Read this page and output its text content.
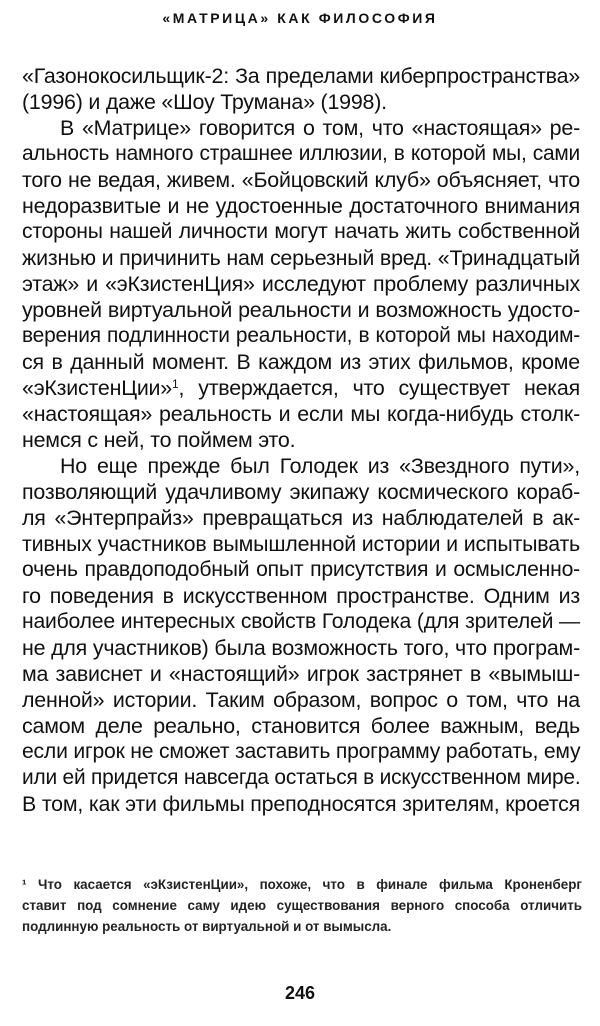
«МАТРИЦА» КАК ФИЛОСОФИЯ
«Газонокосильщик-2: За пределами киберпространства»
(1996) и даже «Шоу Трумана» (1998).
В «Матрице» говорится о том, что «настоящая» ре-
альность намного страшнее иллюзии, в которой мы, сами
того не ведая, живем. «Бойцовский клуб» объясняет, что
недоразвитые и не удостоенные достаточного внимания
стороны нашей личности могут начать жить собственной
жизнью и причинить нам серьезный вред. «Тринадцатый
этаж» и «эКзистенЦия» исследуют проблему различных
уровней виртуальной реальности и возможность удосто-
верения подлинности реальности, в которой мы находим-
ся в данный момент. В каждом из этих фильмов, кроме
«эКзистенЦии»$^1$, утверждается, что существует некая
«настоящая» реальность и если мы когда-нибудь столк-
немся с ней, то поймем это.
Но еще прежде был Голодек из «Звездного пути»,
позволяющий удачливому экипажу космического кораб-
ля «Энтерпрайз» превращаться из наблюдателей в ак-
тивных участников вымышленной истории и испытывать
очень правдоподобный опыт присутствия и осмысленно-
го поведения в искусственном пространстве. Одним из
наиболее интересных свойств Голодека (для зрителей —
не для участников) была возможность того, что програм-
ма зависнет и «настоящий» игрок застрянет в «вымыш-
ленной» истории. Таким образом, вопрос о том, что на
самом деле реально, становится более важным, ведь
если игрок не сможет заставить программу работать, ему
или ей придется навсегда остаться в искусственном мире.
В том, как эти фильмы преподносятся зрителям, кроется
¹ Что касается «эКзистенЦии», похоже, что в финале фильма Кроненберг
ставит под сомнение саму идею существования верного способа отличить
подлинную реальность от виртуальной и от вымысла.
246
